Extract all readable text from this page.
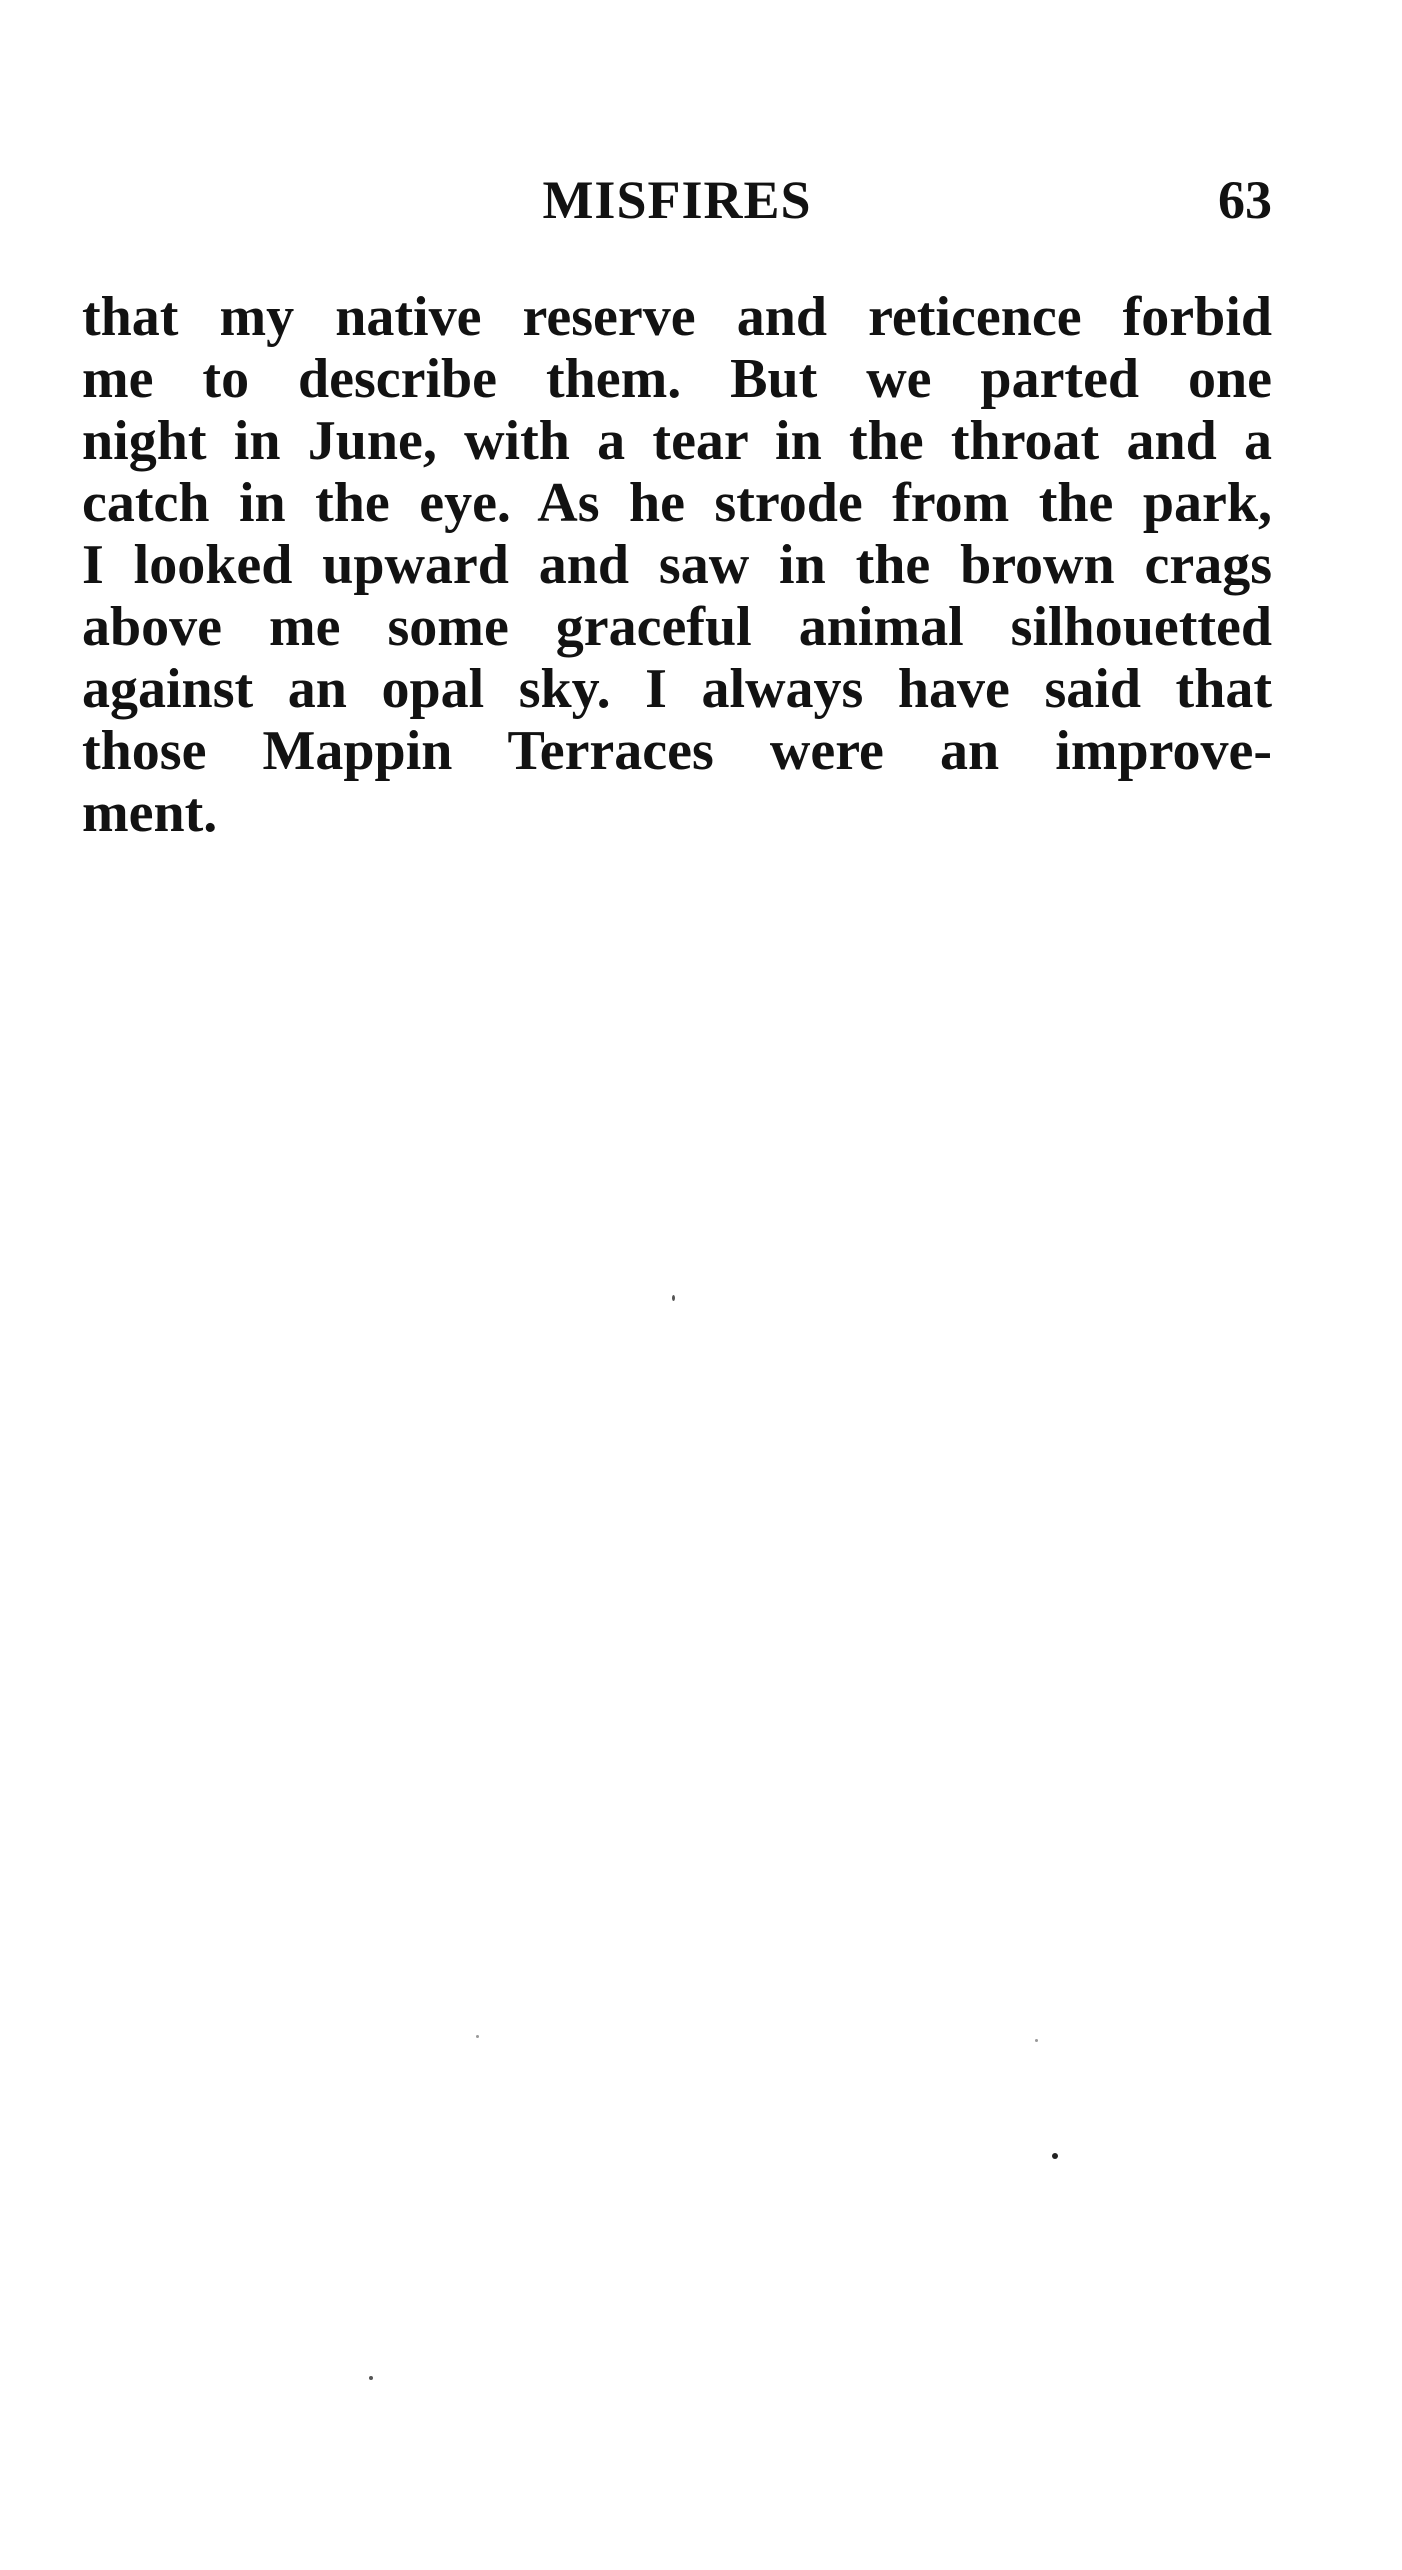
MISFIRES	63
that my native reserve and reticence forbid
me to describe them. But we parted one
night in June, with a tear in the throat and a
catch in the eye. As he strode from the park,
I looked upward and saw in the brown crags
above me some graceful animal silhouetted
against an opal sky. I always have said that
those Mappin Terraces were an improve-
ment.
